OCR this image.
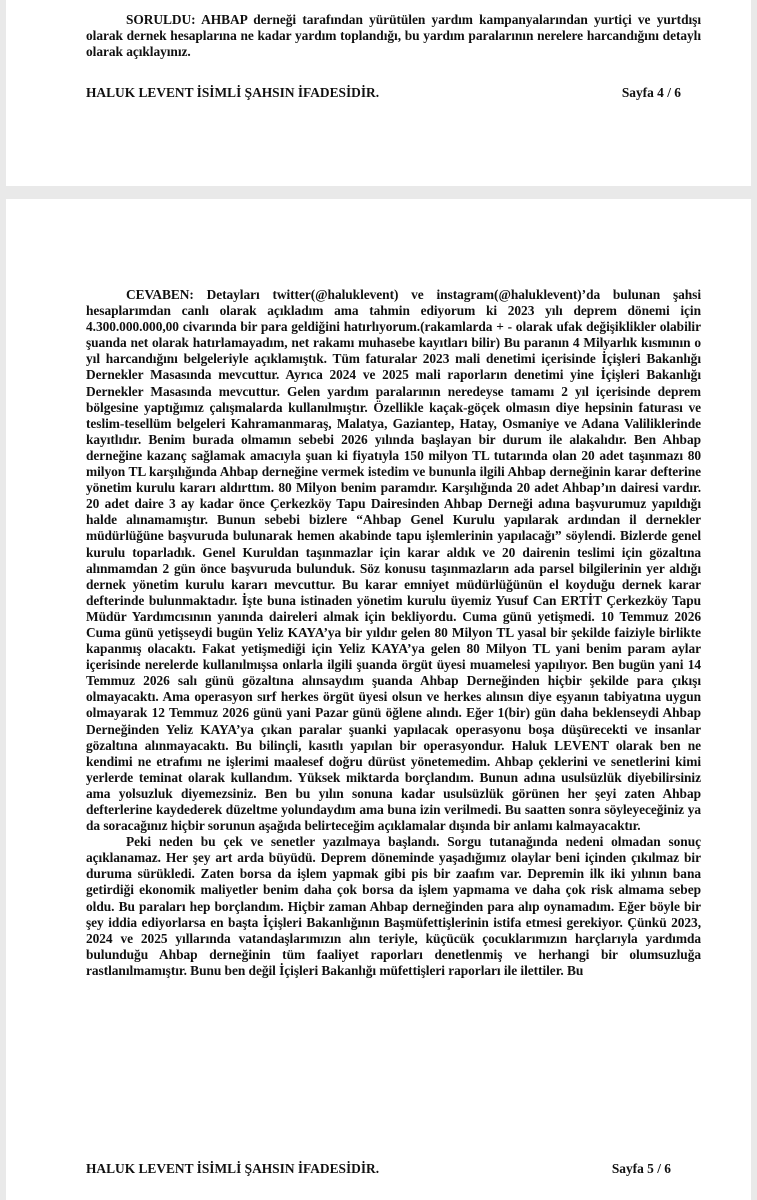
SORULDU: AHBAP derneği tarafından yürütülen yardım kampanyalarından yurtiçi ve yurtdışı olarak dernek hesaplarına ne kadar yardım toplandığı, bu yardım paralarının nerelere harcandığını detaylı olarak açıklayınız.

HALUK LEVENT İSİMLİ ŞAHSIN İFADESİDİR.	Sayfa 4 / 6

CEVABEN: Detayları twitter(@haluklevent) ve instagram(@haluklevent)’da bulunan şahsi hesaplarımdan canlı olarak açıkladım ama tahmin ediyorum ki 2023 yılı deprem dönemi için 4.300.000.000,00 civarında bir para geldiğini hatırlıyorum.(rakamlarda + - olarak ufak değişiklikler olabilir şuanda net olarak hatırlamayadım, net rakamı muhasebe kayıtları bilir) Bu paranın 4 Milyarlık kısmının o yıl harcandığını belgeleriyle açıklamıştık. Tüm faturalar 2023 mali denetimi içerisinde İçişleri Bakanlığı Dernekler Masasında mevcuttur. Ayrıca 2024 ve 2025 mali raporların denetimi yine İçişleri Bakanlığı Dernekler Masasında mevcuttur. Gelen yardım paralarının neredeyse tamamı 2 yıl içerisinde deprem bölgesine yaptığımız çalışmalarda kullanılmıştır. Özellikle kaçak-göçek olmasın diye hepsinin faturası ve teslim-tesellüm belgeleri Kahramanmaraş, Malatya, Gaziantep, Hatay, Osmaniye ve Adana Valiliklerinde kayıtlıdır. Benim burada olmamın sebebi 2026 yılında başlayan bir durum ile alakalıdır. Ben Ahbap derneğine kazanç sağlamak amacıyla şuan ki fiyatıyla 150 milyon TL tutarında olan 20 adet taşınmazı 80 milyon TL karşılığında Ahbap derneğine vermek istedim ve bununla ilgili Ahbap derneğinin karar defterine yönetim kurulu kararı aldırttım. 80 Milyon benim paramdır. Karşılığında 20 adet Ahbap’ın dairesi vardır. 20 adet daire 3 ay kadar önce Çerkezköy Tapu Dairesinden Ahbap Derneği adına başvurumuz yapıldığı halde alınamamıştır. Bunun sebebi bizlere “Ahbap Genel Kurulu yapılarak ardından il dernekler müdürlüğüne başvuruda bulunarak hemen akabinde tapu işlemlerinin yapılacağı” söylendi. Bizlerde genel kurulu toparladık. Genel Kuruldan taşınmazlar için karar aldık ve 20 dairenin teslimi için gözaltına alınmamdan 2 gün önce başvuruda bulunduk. Söz konusu taşınmazların ada parsel bilgilerinin yer aldığı dernek yönetim kurulu kararı mevcuttur. Bu karar emniyet müdürlüğünün el koyduğu dernek karar defterinde bulunmaktadır. İşte buna istinaden yönetim kurulu üyemiz Yusuf Can ERTİT Çerkezköy Tapu Müdür Yardımcısının yanında daireleri almak için bekliyordu. Cuma günü yetişmedi. 10 Temmuz 2026 Cuma günü yetişseydi bugün Yeliz KAYA’ya bir yıldır gelen 80 Milyon TL yasal bir şekilde faiziyle birlikte kapanmış olacaktı. Fakat yetişmediği için Yeliz KAYA’ya gelen 80 Milyon TL yani benim param aylar içerisinde nerelerde kullanılmışsa onlarla ilgili şuanda örgüt üyesi muamelesi yapılıyor. Ben bugün yani 14 Temmuz 2026 salı günü gözaltına alınsaydım şuanda Ahbap Derneğinden hiçbir şekilde para çıkışı olmayacaktı. Ama operasyon sırf herkes örgüt üyesi olsun ve herkes alınsın diye eşyanın tabiyatına uygun olmayarak 12 Temmuz 2026 günü yani Pazar günü öğlene alındı. Eğer 1(bir) gün daha beklenseydi Ahbap Derneğinden Yeliz KAYA’ya çıkan paralar şuanki yapılacak operasyonu boşa düşürecekti ve insanlar gözaltına alınmayacaktı. Bu bilinçli, kasıtlı yapılan bir operasyondur. Haluk LEVENT olarak ben ne kendimi ne etrafımı ne işlerimi maalesef doğru dürüst yönetemedim. Ahbap çeklerini ve senetlerini kimi yerlerde teminat olarak kullandım. Yüksek miktarda borçlandım. Bunun adına usulsüzlük diyebilirsiniz ama yolsuzluk diyemezsiniz. Ben bu yılın sonuna kadar usulsüzlük görünen her şeyi zaten Ahbap defterlerine kaydederek düzeltme yolundaydım ama buna izin verilmedi. Bu saatten sonra söyleyeceğiniz ya da soracağınız hiçbir sorunun aşağıda belirteceğim açıklamalar dışında bir anlamı kalmayacaktır.

Peki neden bu çek ve senetler yazılmaya başlandı. Sorgu tutanağında nedeni olmadan sonuç açıklanamaz. Her şey art arda büyüdü. Deprem döneminde yaşadığımız olaylar beni içinden çıkılmaz bir duruma sürükledi. Zaten borsa da işlem yapmak gibi pis bir zaafım var. Depremin ilk iki yılının bana getirdiği ekonomik maliyetler benim daha çok borsa da işlem yapmama ve daha çok risk almama sebep oldu. Bu paraları hep borçlandım. Hiçbir zaman Ahbap derneğinden para alıp oynamadım. Eğer böyle bir şey iddia ediyorlarsa en başta İçişleri Bakanlığının Başmüfettişlerinin istifa etmesi gerekiyor. Çünkü 2023, 2024 ve 2025 yıllarında vatandaşlarımızın alın teriyle, küçücük çocuklarımızın harçlarıyla yardımda bulunduğu Ahbap derneğinin tüm faaliyet raporları denetlenmiş ve herhangi bir olumsuzluğa rastlanılmamıştır. Bunu ben değil İçişleri Bakanlığı müfettişleri raporları ile ilettiler. Bu

HALUK LEVENT İSİMLİ ŞAHSIN İFADESİDİR.	Sayfa 5 / 6
